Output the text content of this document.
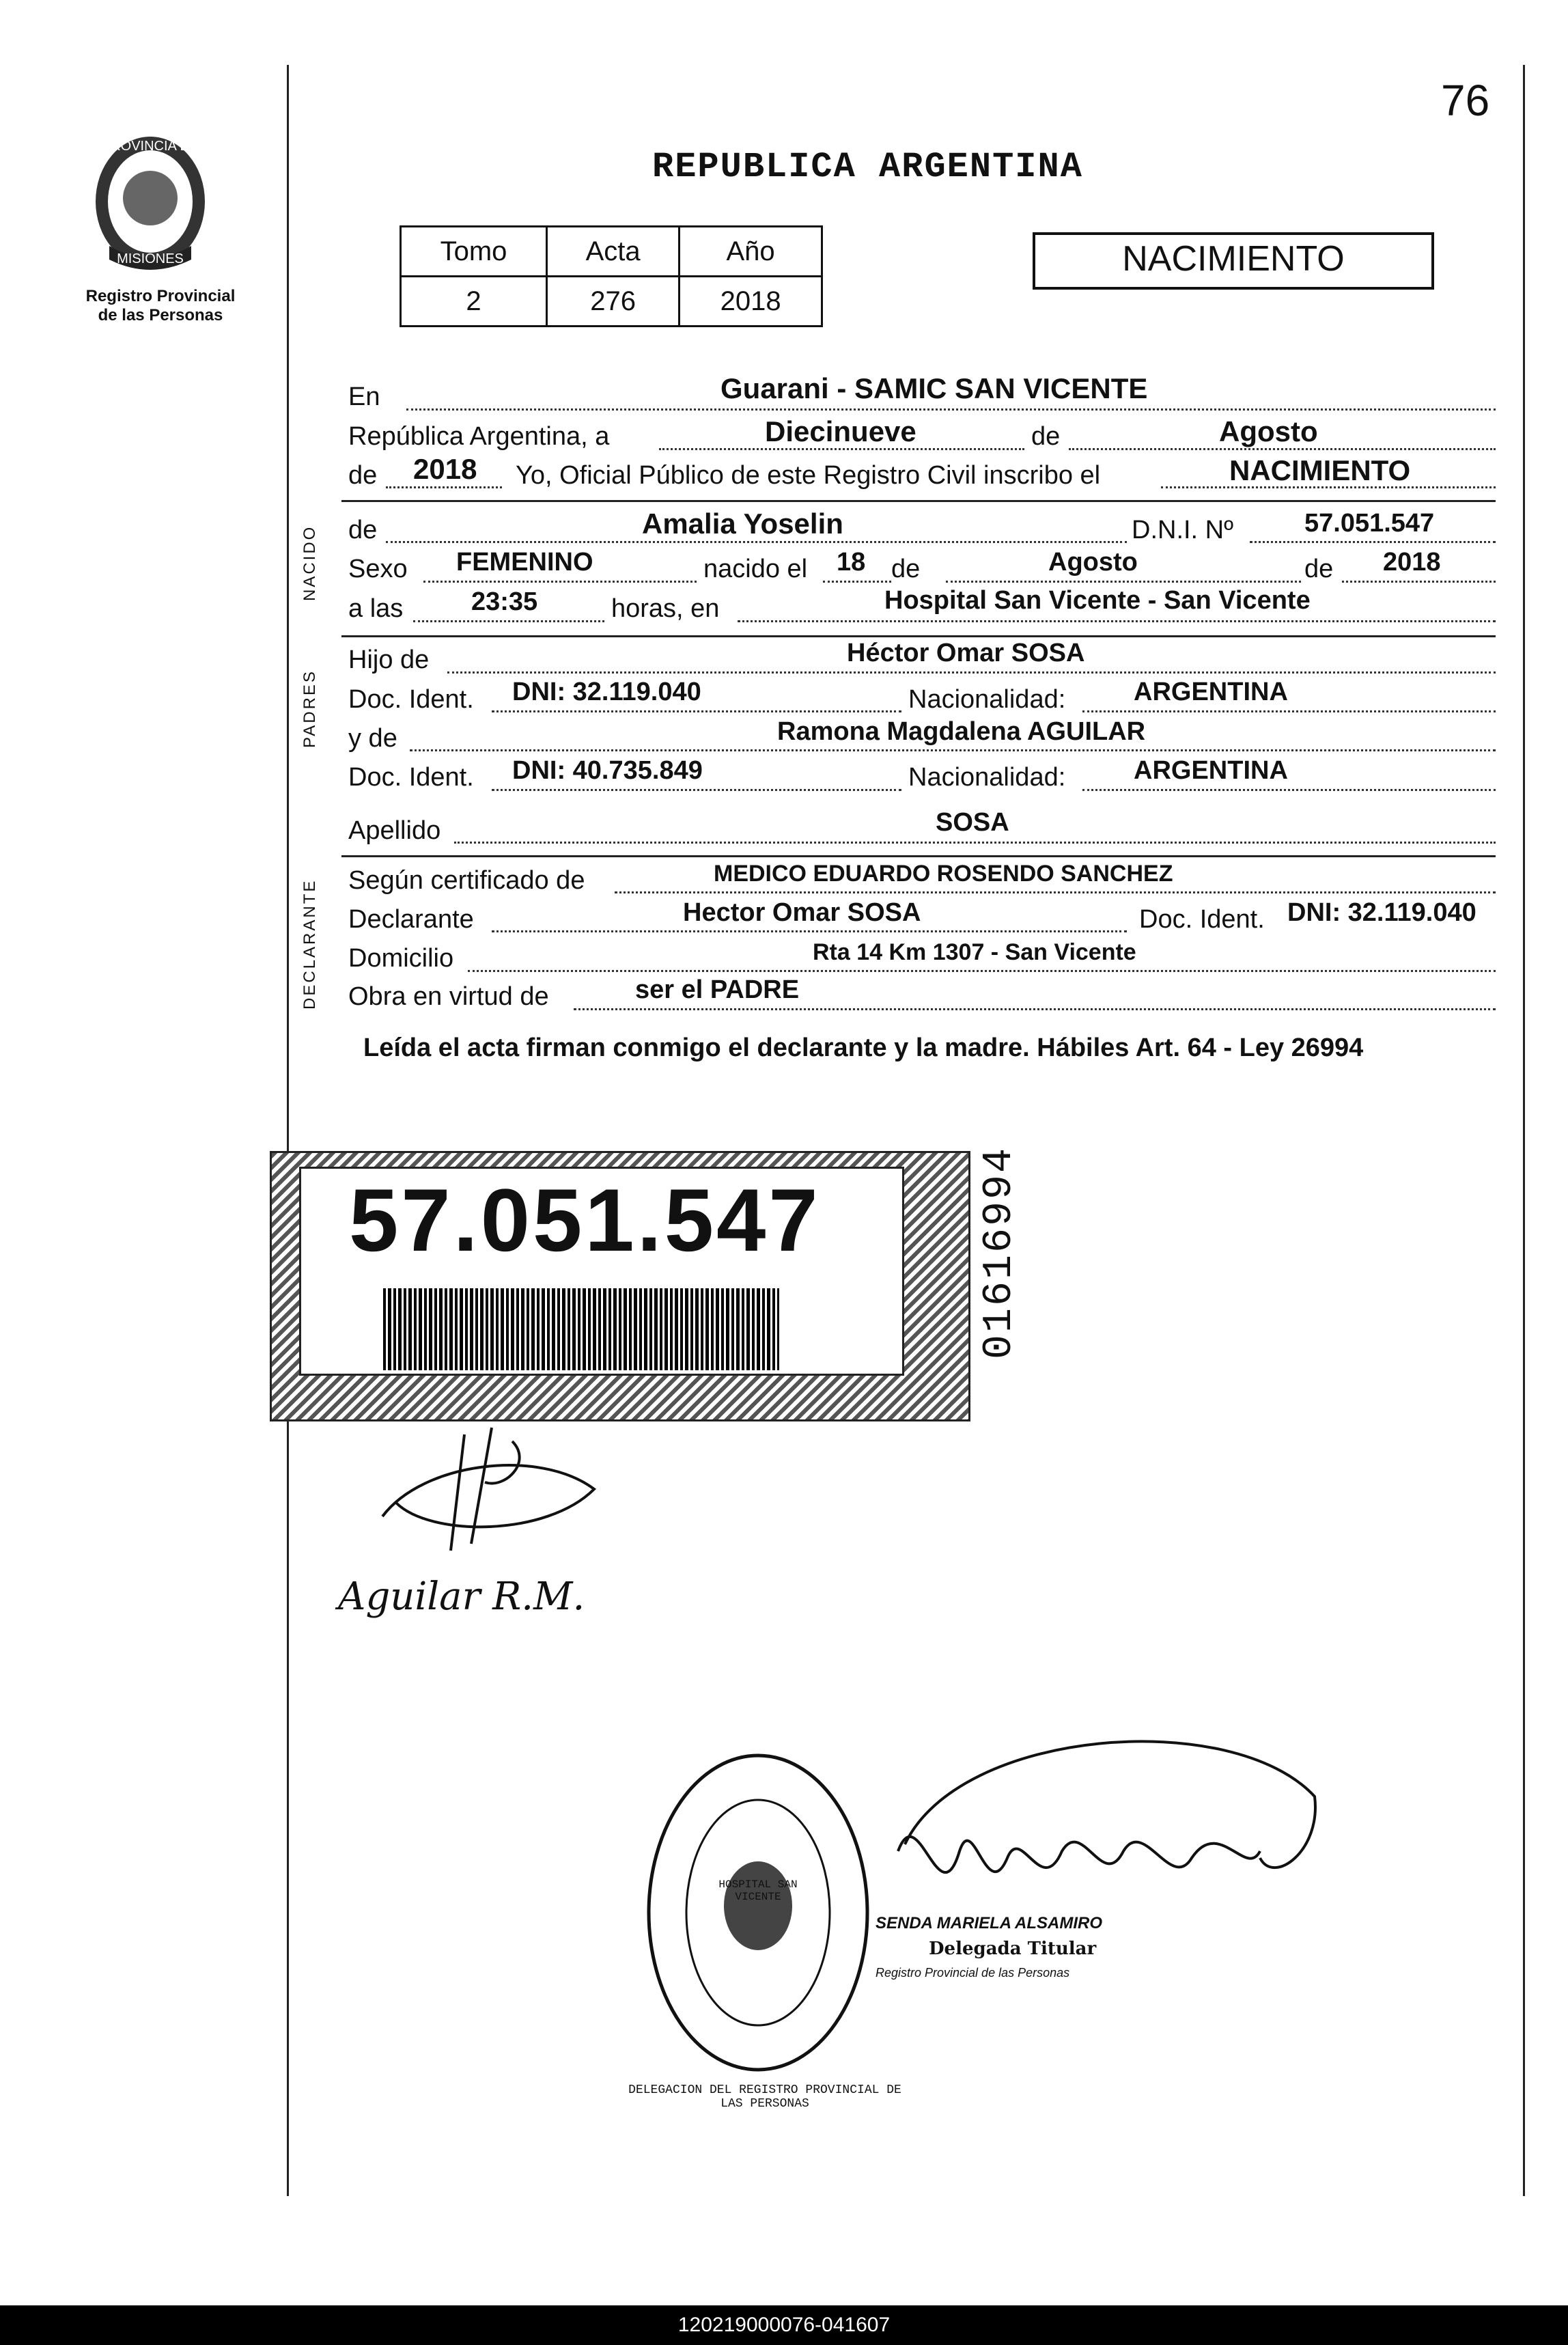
76
PROVINCIA DE
MISIONES
Registro Provincial
de las Personas
REPUBLICA ARGENTINA
Tomo	Acta	Año
2	276	2018
NACIMIENTO
En	Guarani - SAMIC SAN VICENTE
República Argentina, a	Diecinueve	de	Agosto
de 2018 Yo, Oficial Público de este Registro Civil inscribo el	NACIMIENTO
NACIDO de	Amalia Yoselin	D.N.I. Nº	57.051.547
Sexo FEMENINO	nacido el 18 de	Agosto	de 2018
a las	23:35	horas, en	Hospital San Vicente - San Vicente
PADRES
Hijo de	Héctor Omar SOSA
Doc. Ident. DNI: 32.119.040	Nacionalidad:	ARGENTINA
y de	Ramona Magdalena AGUILAR
Doc. Ident. DNI: 40.735.849	Nacionalidad:	ARGENTINA
Apellido	SOSA
DECLARANTE Según certificado de	MEDICO EDUARDO ROSENDO SANCHEZ
Declarante	Hector Omar SOSA	Doc. Ident. DNI: 32.119.040
Domicilio	Rta 14 Km 1307 - San Vicente
Obra en virtud de	ser el PADRE
Leída el acta firman conmigo el declarante y la madre. Hábiles Art. 64 - Ley 26994
57.051.547	01616994
Aguilar R.M.
DELEGACION DEL REGISTRO PROVINCIAL DE LAS PERSONAS
HOSPITAL SAN VICENTE
SENDA MARIELA ALSAMIRO
Delegada Titular
Registro Provincial de las Personas
120219000076-041607
